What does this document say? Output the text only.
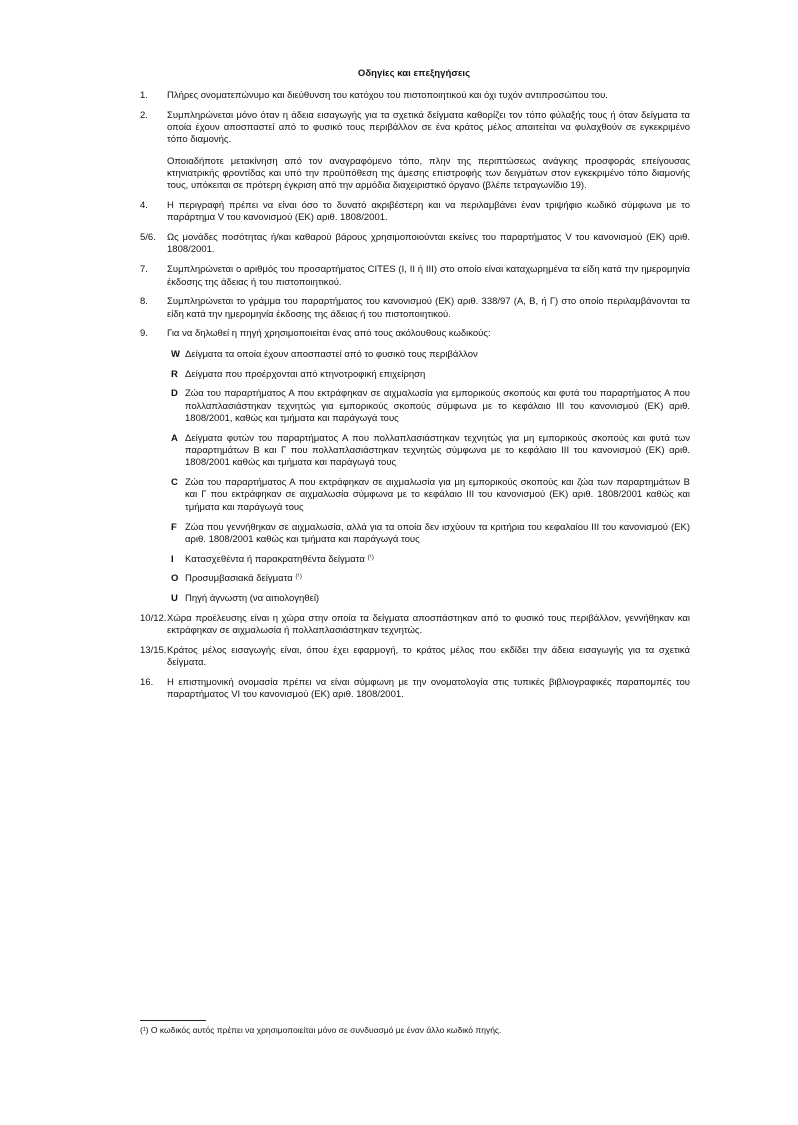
Οδηγίες και επεξηγήσεις
1.	Πλήρες ονοματεπώνυμο και διεύθυνση του κατόχου του πιστοποιητικού και όχι τυχόν αντιπροσώπου του.

2.	Συμπληρώνεται μόνο όταν η άδεια εισαγωγής για τα σχετικά δείγματα καθορίζει τον τόπο φύλαξής τους ή όταν δείγματα τα οποία έχουν αποσπαστεί από το φυσικό τους περιβάλλον σε ένα κράτος μέλος απαιτείται να φυλαχθούν σε εγκεκριμένο τόπο διαμονής.

Οποιαδήποτε μετακίνηση από τον αναγραφόμενο τόπο, πλην της περιπτώσεως ανάγκης προσφοράς επείγουσας κτηνιατρικής φροντίδας και υπό την προϋπόθεση της άμεσης επιστροφής των δειγμάτων στον εγκεκριμένο τόπο διαμονής τους, υπόκειται σε πρότερη έγκριση από την αρμόδια διαχειριστικό όργανο (βλέπε τετραγωνίδιο 19).

4.	Η περιγραφή πρέπει να είναι όσο το δυνατό ακριβέστερη και να περιλαμβάνει έναν τριψήφιο κωδικό σύμφωνα με το παράρτημα V του κανονισμού (ΕΚ) αριθ. 1808/2001.

5/6.	Ως μονάδες ποσότητας ή/και καθαρού βάρους χρησιμοποιούνται εκείνες του παραρτήματος V του κανονισμού (ΕΚ) αριθ. 1808/2001.

7.	Συμπληρώνεται ο αριθμός του προσαρτήματος CITES (I, II ή III) στο οποίο είναι καταχωρημένα τα είδη κατά την ημερομηνία έκδοσης της άδειας ή του πιστοποιητικού.

8.	Συμπληρώνεται το γράμμα του παραρτήματος του κανονισμού (ΕΚ) αριθ. 338/97 (Α, Β, ή Γ) στο οποίο περιλαμβάνονται τα είδη κατά την ημερομηνία έκδοσης της άδειας ή του πιστοποιητικού.

9.	Για να δηλωθεί η πηγή χρησιμοποιείται ένας από τους ακόλουθους κωδικούς:

W Δείγματα τα οποία έχουν αποσπαστεί από το φυσικό τους περιβάλλον
R Δείγματα που προέρχονται από κτηνοτροφική επιχείρηση
D Ζώα του παραρτήματος Α που εκτράφηκαν σε αιχμαλωσία για εμπορικούς σκοπούς και φυτά του παραρτήματος Α που πολλαπλασιάστηκαν τεχνητώς για εμπορικούς σκοπούς σύμφωνα με το κεφάλαιο III του κανονισμού (ΕΚ) αριθ. 1808/2001, καθώς και τμήματα και παράγωγά τους
A Δείγματα φυτών του παραρτήματος Α που πολλαπλασιάστηκαν τεχνητώς για μη εμπορικούς σκοπούς και φυτά των παραρτημάτων Β και Γ που πολλαπλασιάστηκαν τεχνητώς σύμφωνα με το κεφάλαιο III του κανονισμού (ΕΚ) αριθ. 1808/2001 καθώς και τμήματα και παράγωγά τους
C Ζώα του παραρτήματος Α που εκτράφηκαν σε αιχμαλωσία για μη εμπορικούς σκοπούς και ζώα των παραρτημάτων Β και Γ που εκτράφηκαν σε αιχμαλωσία σύμφωνα με το κεφάλαιο III του κανονισμού (ΕΚ) αριθ. 1808/2001 καθώς και τμήματα και παράγωγά τους
F Ζώα που γεννήθηκαν σε αιχμαλωσία, αλλά για τα οποία δεν ισχύουν τα κριτήρια του κεφαλαίου III του κανονισμού (ΕΚ) αριθ. 1808/2001 καθώς και τμήματα και παράγωγά τους
I	Κατασχεθέντα ή παρακρατηθέντα δείγματα $^{(^1)}$
O Προσυμβασιακά δείγματα $^{(^1)}$
U Πηγή άγνωστη (να αιτιολογηθεί)
10/12. Χώρα προέλευσης είναι η χώρα στην οποία τα δείγματα αποσπάστηκαν από το φυσικό τους περιβάλλον, γεννήθηκαν και εκτράφηκαν σε αιχμαλωσία ή πολλαπλασιάστηκαν τεχνητώς.

13/15. Κράτος μέλος εισαγωγής είναι, όπου έχει εφαρμογή, το κράτος μέλος που εκδίδει την άδεια εισαγωγής για τα σχετικά δείγματα.

16.	Η επιστημονική ονομασία πρέπει να είναι σύμφωνη με την ονοματολογία στις τυπικές βιβλιογραφικές παραπομπές του παραρτήματος VI του κανονισμού (ΕΚ) αριθ. 1808/2001.

(¹) Ο κωδικός αυτός πρέπει να χρησιμοποιείται μόνο σε συνδυασμό με έναν άλλο κωδικό πηγής.
